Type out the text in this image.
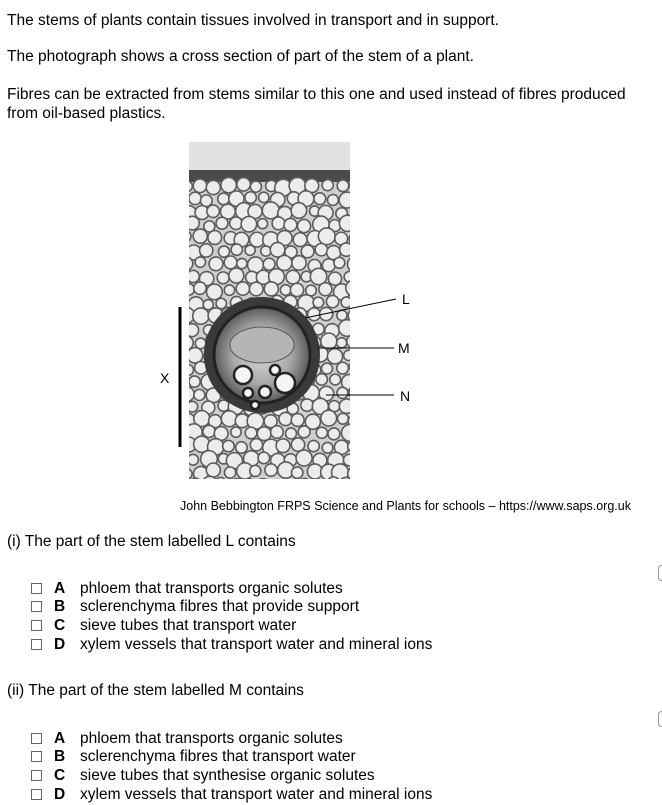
The stems of plants contain tissues involved in transport and in support.

The photograph shows a cross section of part of the stem of a plant.

Fibres can be extracted from stems similar to this one and used instead of fibres produced

from oil-based plastics.

L
M
N
X
John Bebbington FRPS Science and Plants for schools – https://www.saps.org.uk
(i) The part of the stem labelled L contains
A phloem that transports organic solutes
B sclerenchyma fibres that provide support
C sieve tubes that transport water
D xylem vessels that transport water and mineral ions
(ii) The part of the stem labelled M contains
A phloem that transports organic solutes
B sclerenchyma fibres that transport water
C sieve tubes that synthesise organic solutes
D xylem vessels that transport water and mineral ions
